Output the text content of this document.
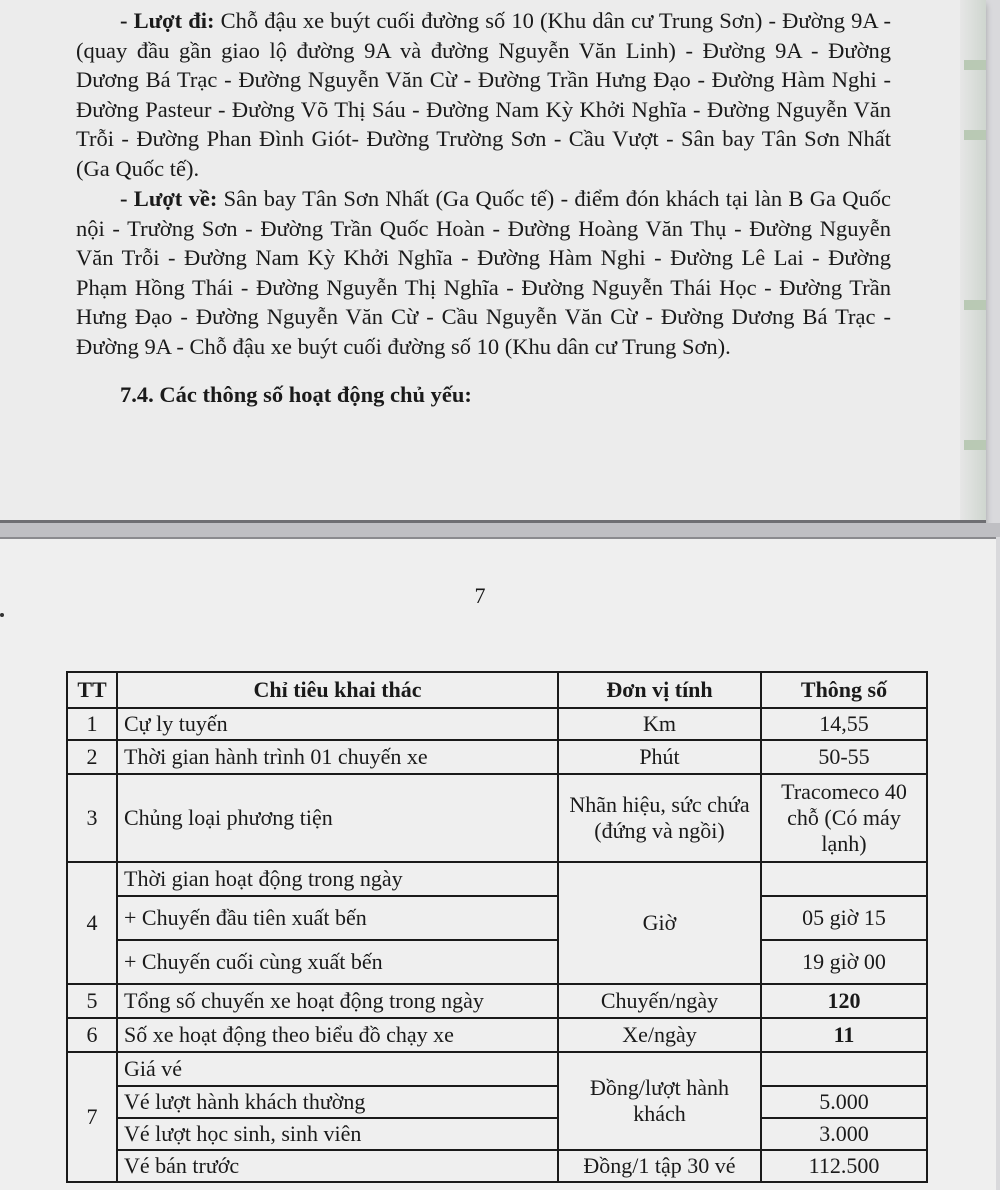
- Lượt đi: Chỗ đậu xe buýt cuối đường số 10 (Khu dân cư Trung Sơn) - Đường 9A - (quay đầu gần giao lộ đường 9A và đường Nguyễn Văn Linh) - Đường 9A - Đường Dương Bá Trạc - Đường Nguyễn Văn Cừ - Đường Trần Hưng Đạo - Đường Hàm Nghi - Đường Pasteur - Đường Võ Thị Sáu - Đường Nam Kỳ Khởi Nghĩa - Đường Nguyễn Văn Trỗi - Đường Phan Đình Giót- Đường Trường Sơn - Cầu Vượt - Sân bay Tân Sơn Nhất (Ga Quốc tế).

- Lượt về: Sân bay Tân Sơn Nhất (Ga Quốc tế) - điểm đón khách tại làn B Ga Quốc nội - Trường Sơn - Đường Trần Quốc Hoàn - Đường Hoàng Văn Thụ - Đường Nguyễn Văn Trỗi - Đường Nam Kỳ Khởi Nghĩa - Đường Hàm Nghi - Đường Lê Lai - Đường Phạm Hồng Thái - Đường Nguyễn Thị Nghĩa - Đường Nguyễn Thái Học - Đường Trần Hưng Đạo - Đường Nguyễn Văn Cừ - Cầu Nguyễn Văn Cừ - Đường Dương Bá Trạc - Đường 9A - Chỗ đậu xe buýt cuối đường số 10 (Khu dân cư Trung Sơn).

7.4. Các thông số hoạt động chủ yếu:

7
TT	Chỉ tiêu khai thác	Đơn vị tính	Thông số
1	Cự ly tuyến	Km	14,55
2	Thời gian hành trình 01 chuyến xe	Phút	50-55
3	Chủng loại phương tiện	Nhãn hiệu, sức chứa (đứng và ngồi)	Tracomeco 40 chỗ (Có máy lạnh)
4	Thời gian hoạt động trong ngày	Giờ	
	+ Chuyến đầu tiên xuất bến		05 giờ 15
	+ Chuyến cuối cùng xuất bến		19 giờ 00
5	Tổng số chuyến xe hoạt động trong ngày	Chuyến/ngày	120
6	Số xe hoạt động theo biểu đồ chạy xe	Xe/ngày	11
7	Giá vé	Đồng/lượt hành khách	
	Vé lượt hành khách thường		5.000
	Vé lượt học sinh, sinh viên		3.000
	Vé bán trước	Đồng/1 tập 30 vé	112.500
